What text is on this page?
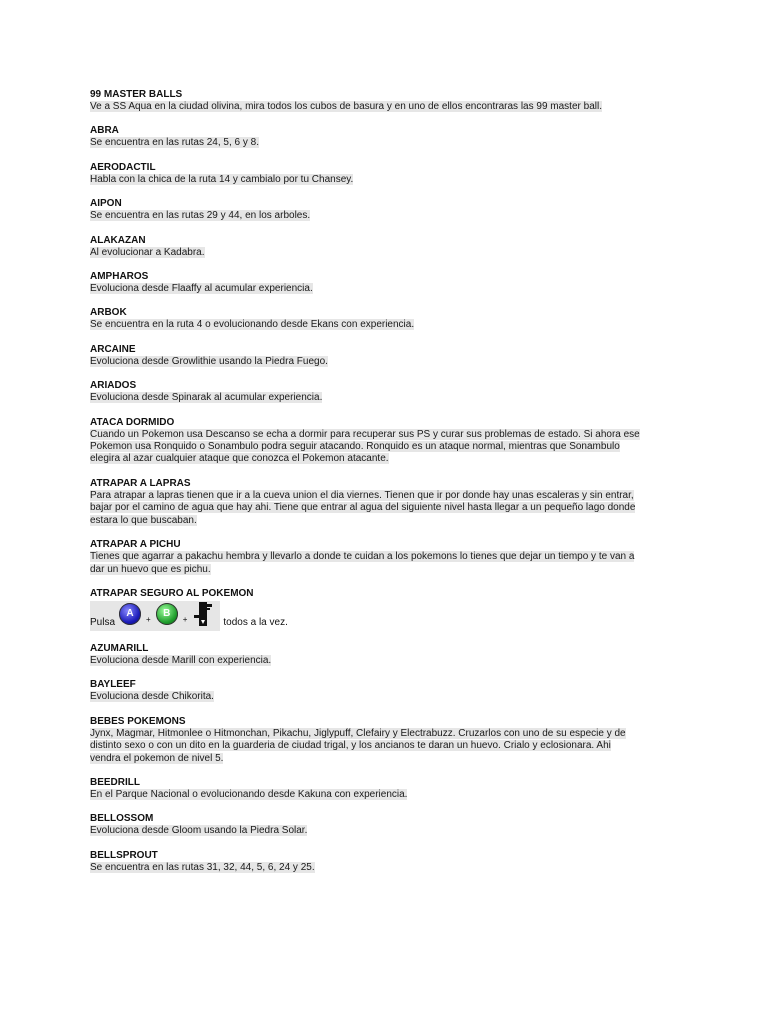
99 MASTER BALLS

Ve a SS Aqua en la ciudad olivina, mira todos los cubos de basura y en uno de ellos encontraras las 99 master ball.

ABRA

Se encuentra en las rutas 24, 5, 6 y 8.

AERODACTIL

Habla con la chica de la ruta 14 y cambialo por tu Chansey.

AIPON

Se encuentra en las rutas 29 y 44, en los arboles.

ALAKAZAN

Al evolucionar a Kadabra.

AMPHAROS

Evoluciona desde Flaaffy al acumular experiencia.

ARBOK

Se encuentra en la ruta 4 o evolucionando desde Ekans con experiencia.

ARCAINE

Evoluciona desde Growlithie usando la Piedra Fuego.

ARIADOS

Evoluciona desde Spinarak al acumular experiencia.

ATACA DORMIDO

Cuando un Pokemon usa Descanso se echa a dormir para recuperar sus PS y curar sus problemas de estado. Si ahora ese
Pokemon usa Ronquido o Sonambulo podra seguir atacando. Ronquido es un ataque normal, mientras que Sonambulo
elegira al azar cualquier ataque que conozca el Pokemon atacante.

ATRAPAR A LAPRAS

Para atrapar a lapras tienen que ir a la cueva union el dia viernes. Tienen que ir por donde hay unas escaleras y sin entrar,
bajar por el camino de agua que hay ahi. Tiene que entrar al agua del siguiente nivel hasta llegar a un pequeño lago donde
estara lo que buscaban.

ATRAPAR A PICHU

Tienes que agarrar a pakachu hembra y llevarlo a donde te cuidan a los pokemons lo tienes que dejar un tiempo y te van a
dar un huevo que es pichu.

ATRAPAR SEGURO AL POKEMON

Pulsa
A
+
B
+	todos a la vez.

AZUMARILL

Evoluciona desde Marill con experiencia.

BAYLEEF

Evoluciona desde Chikorita.

BEBES POKEMONS

Jynx, Magmar, Hitmonlee o Hitmonchan, Pikachu, Jiglypuff, Clefairy y Electrabuzz. Cruzarlos con uno de su especie y de
distinto sexo o con un dito en la guarderia de ciudad trigal, y los ancianos te daran un huevo. Crialo y eclosionara. Ahi
vendra el pokemon de nivel 5.

BEEDRILL

En el Parque Nacional o evolucionando desde Kakuna con experiencia.

BELLOSSOM

Evoluciona desde Gloom usando la Piedra Solar.

BELLSPROUT

Se encuentra en las rutas 31, 32, 44, 5, 6, 24 y 25.
